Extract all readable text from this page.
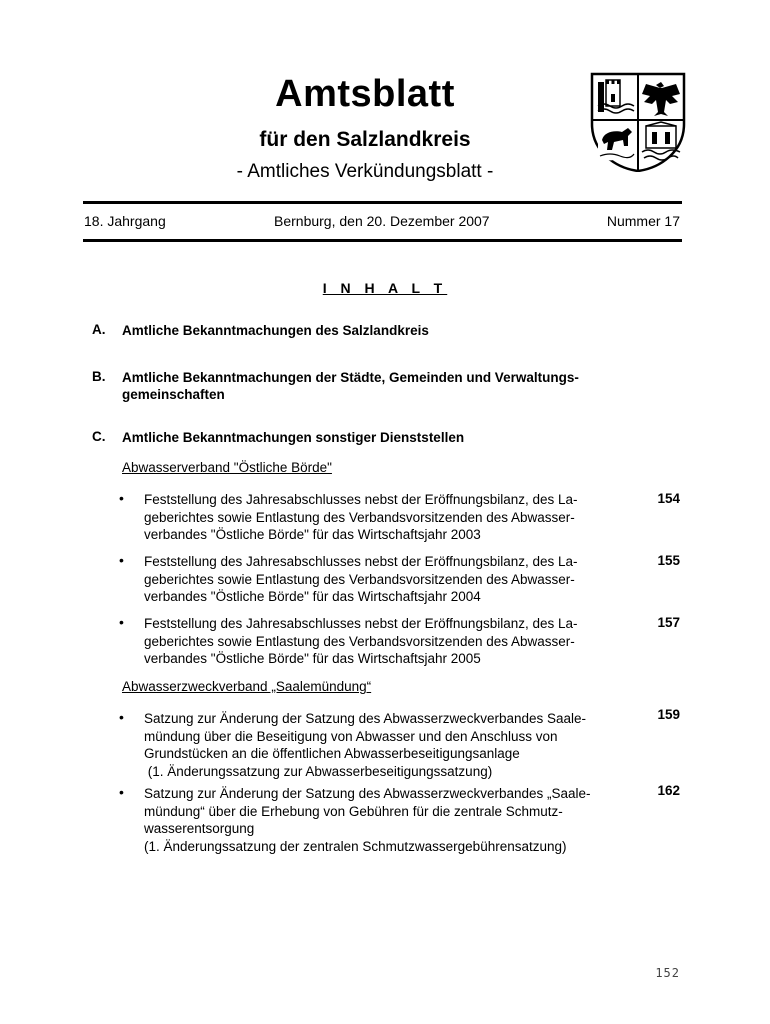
Amtsblatt
für den Salzlandkreis
- Amtliches Verkündungsblatt -
18. Jahrgang	Bernburg, den 20. Dezember 2007	Nummer 17
I N H A L T
A. Amtliche Bekanntmachungen des Salzlandkreis
B. Amtliche Bekanntmachungen der Städte, Gemeinden und Verwaltungs-
gemeinschaften
C. Amtliche Bekanntmachungen sonstiger Dienststellen
Abwasserverband "Östliche Börde"
• Feststellung des Jahresabschlusses nebst der Eröffnungsbilanz, des La-
geberichtes sowie Entlastung des Verbandsvorsitzenden des Abwasser-
verbandes "Östliche Börde" für das Wirtschaftsjahr 2003
154
• Feststellung des Jahresabschlusses nebst der Eröffnungsbilanz, des La-
geberichtes sowie Entlastung des Verbandsvorsitzenden des Abwasser-
verbandes "Östliche Börde" für das Wirtschaftsjahr 2004
155
• Feststellung des Jahresabschlusses nebst der Eröffnungsbilanz, des La-
geberichtes sowie Entlastung des Verbandsvorsitzenden des Abwasser-
verbandes "Östliche Börde" für das Wirtschaftsjahr 2005
157
Abwasserzweckverband „Saalemündung“
• Satzung zur Änderung der Satzung des Abwasserzweckverbandes Saale-
mündung über die Beseitigung von Abwasser und den Anschluss von
Grundstücken an die öffentlichen Abwasserbeseitigungsanlage

(1. Änderungssatzung zur Abwasserbeseitigungssatzung)
159
• Satzung zur Änderung der Satzung des Abwasserzweckverbandes „Saale-
mündung“ über die Erhebung von Gebühren für die zentrale Schmutz-
wasserentsorgung

(1. Änderungssatzung der zentralen Schmutzwassergebührensatzung)
162
152
